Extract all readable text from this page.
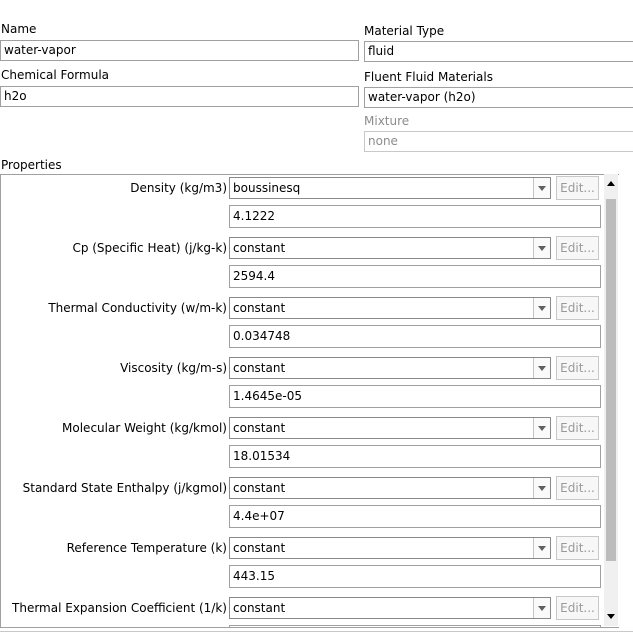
Name
water-vapor
Chemical Formula
h2o
Material Type
fluid
Fluent Fluid Materials
water-vapor (h2o)
Mixture
none
Properties
Density (kg/m3) boussinesq	Edit...
4.1222
Cp (Specific Heat) (j/kg-k) constant	Edit...
2594.4
Thermal Conductivity (w/m-k) constant	Edit...
0.034748
Viscosity (kg/m-s) constant	Edit...
1.4645e-05
Molecular Weight (kg/kmol) constant	Edit...
18.01534
Standard State Enthalpy (j/kgmol) constant	Edit...
4.4e+07
Reference Temperature (k) constant	Edit...
443.15
Thermal Expansion Coefficient (1/k) constant	Edit...
